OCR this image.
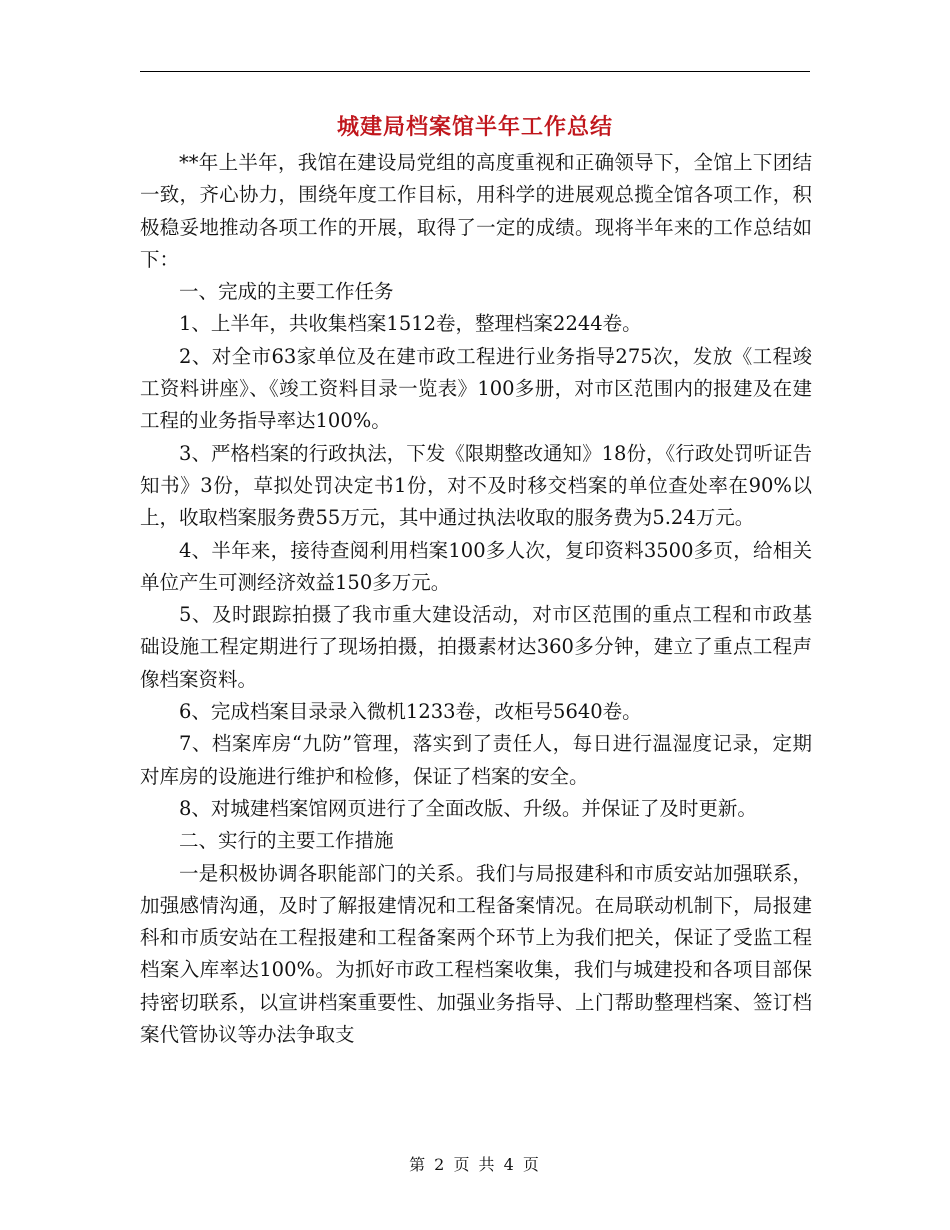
城建局档案馆半年工作总结

**年上半年，我馆在建设局党组的高度重视和正确领导下，全馆上下团结一致，齐心协力，围绕年度工作目标，用科学的进展观总揽全馆各项工作，积极稳妥地推动各项工作的开展，取得了一定的成绩。现将半年来的工作总结如下：

一、完成的主要工作任务

1、上半年，共收集档案1512卷，整理档案2244卷。

2、对全市63家单位及在建市政工程进行业务指导275次，发放《工程竣工资料讲座》、《竣工资料目录一览表》100多册，对市区范围内的报建及在建工程的业务指导率达100%。

3、严格档案的行政执法，下发《限期整改通知》18份，《行政处罚听证告知书》3份，草拟处罚决定书1份，对不及时移交档案的单位查处率在90%以上，收取档案服务费55万元，其中通过执法收取的服务费为5.24万元。

4、半年来，接待查阅利用档案100多人次，复印资料3500多页，给相关单位产生可测经济效益150多万元。

5、及时跟踪拍摄了我市重大建设活动，对市区范围的重点工程和市政基础设施工程定期进行了现场拍摄，拍摄素材达360多分钟，建立了重点工程声像档案资料。

6、完成档案目录录入微机1233卷，改柜号5640卷。

7、档案库房“九防”管理，落实到了责任人，每日进行温湿度记录，定期对库房的设施进行维护和检修，保证了档案的安全。

8、对城建档案馆网页进行了全面改版、升级。并保证了及时更新。

二、实行的主要工作措施

一是积极协调各职能部门的关系。我们与局报建科和市质安站加强联系，加强感情沟通，及时了解报建情况和工程备案情况。在局联动机制下，局报建科和市质安站在工程报建和工程备案两个环节上为我们把关，保证了受监工程档案入库率达100%。为抓好市政工程档案收集，我们与城建投和各项目部保持密切联系，以宣讲档案重要性、加强业务指导、上门帮助整理档案、签订档案代管协议等办法争取支

第 2 页 共 4 页
